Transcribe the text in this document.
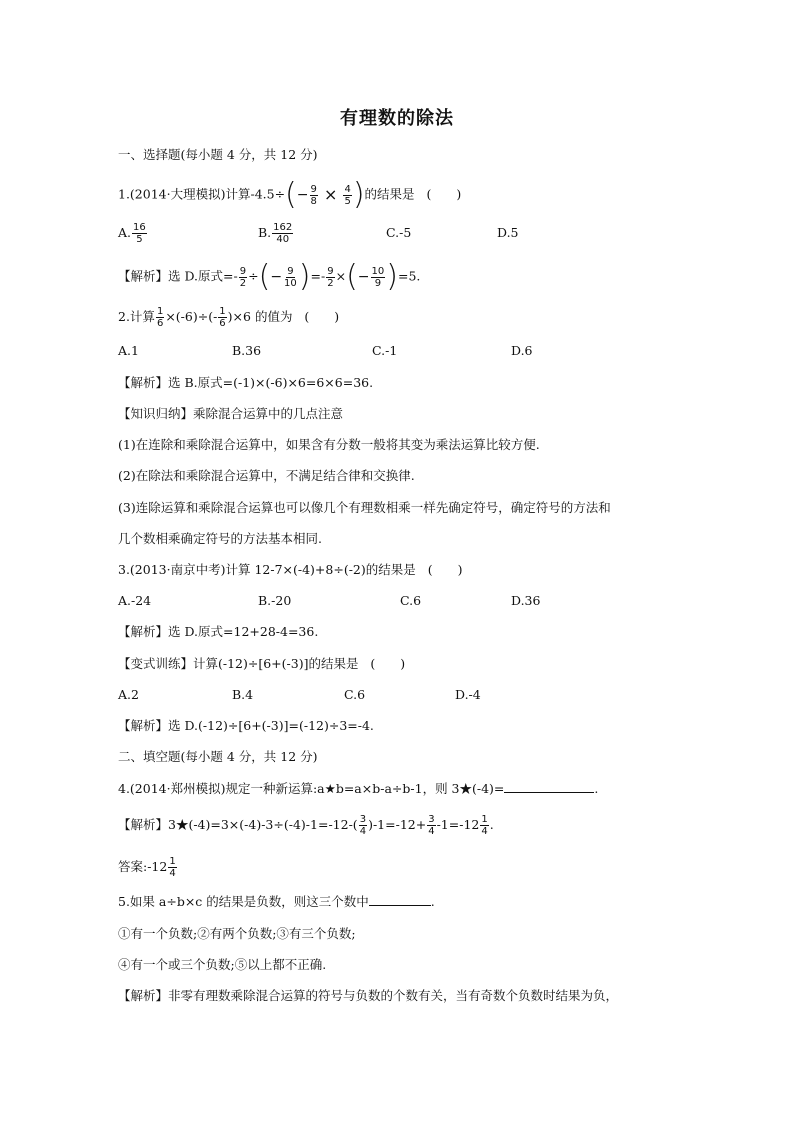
有理数的除法
一、选择题(每小题 4 分，共 12 分)
1.(2014·大理模拟)计算$-4.5\div(- \frac{9}{8} \times \frac{4}{5}$ )的结果是 (　　)
A. $\frac{16}{5}$	B. $\frac{162}{40}$	C.-5	D.5
【解析】选 D.原式=- $\frac{9}{2}$ ÷(− $\frac{9}{10}$ )=- $\frac{9}{2}$ ×(− $\frac{10}{9} )=5$.
2.计算 $\frac{1}{6} \times(-6)\div(- \frac{1}{6} )\times 6$ 的值为 (　　)
A.1	B.36	C.-1	D.6
【解析】选 B.原式=(-1)×(-6)×6=6×6=36.
【知识归纳】乘除混合运算中的几点注意
(1)在连除和乘除混合运算中，如果含有分数一般将其变为乘法运算比较方便.
(2)在除法和乘除混合运算中，不满足结合律和交换律.
(3)连除运算和乘除混合运算也可以像几个有理数相乘一样先确定符号，确定符号的方法和
几个数相乘确定符号的方法基本相同.
3.(2013·南京中考)计算 12-7×(-4)+8÷(-2)的结果是 (　　)
A.-24	B.-20	C.6	D.36
【解析】选 D.原式=12+28-4=36.
【变式训练】计算(-12)÷[6+(-3)]的结果是 (　　)
A.2	B.4	C.6	D.-4
【解析】选 D.(-12)÷[6+(-3)]=(-12)÷3=-4.
二、填空题(每小题 4 分，共 12 分)
4.(2014·郑州模拟)规定一种新运算:a★b=a×b-a÷b-1，则 3★(-4)=	.
【解析】3★(-4)=3×(-4)-3÷(-4)-1=-12-( $\frac{3}{4} )-1=-12+ \frac{3}{4} -1=-12 \frac{1}{4}$ .
答案:-12 $\frac{1}{4}$
5.如果 a÷b×c 的结果是负数，则这三个数中	.
①有一个负数;②有两个负数;③有三个负数;
④有一个或三个负数;⑤以上都不正确.
【解析】非零有理数乘除混合运算的符号与负数的个数有关，当有奇数个负数时结果为负，
